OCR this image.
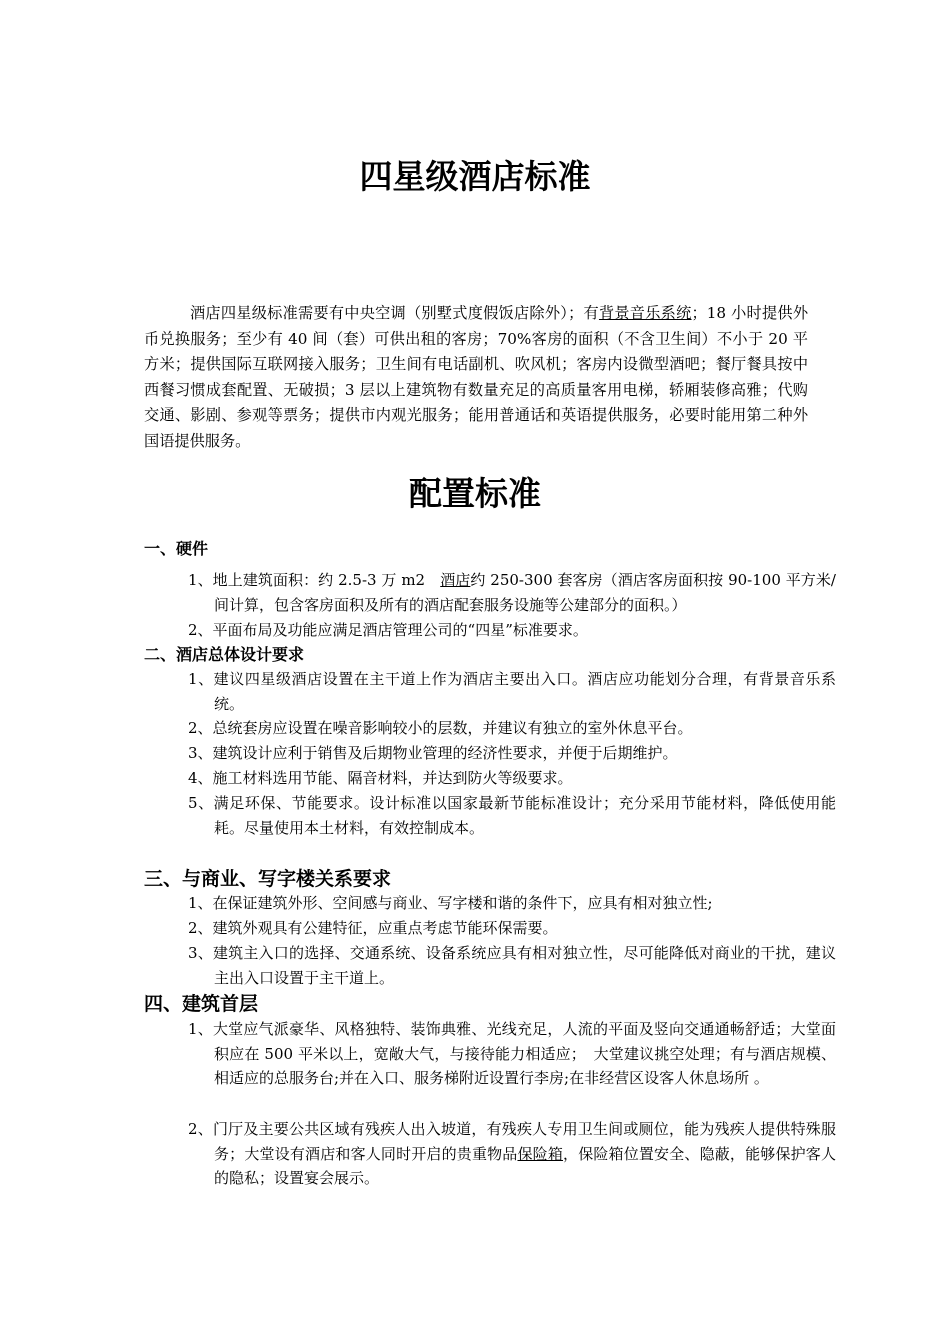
四星级酒店标准

酒店四星级标准需要有中央空调（别墅式度假饭店除外）；有背景音乐系统；18 小时提供外币兑换服务；至少有 40 间（套）可供出租的客房；70%客房的面积（不含卫生间）不小于 20 平方米；提供国际互联网接入服务；卫生间有电话副机、吹风机；客房内设微型酒吧；餐厅餐具按中西餐习惯成套配置、无破损；3 层以上建筑物有数量充足的高质量客用电梯，轿厢装修高雅；代购交通、影剧、参观等票务；提供市内观光服务；能用普通话和英语提供服务，必要时能用第二种外国语提供服务。

配置标准
一、硬件

1、地上建筑面积：约 2.5-3 万 m2　酒店约 250-300 套客房（酒店客房面积按 90-100 平方米/间计算，包含客房面积及所有的酒店配套服务设施等公建部分的面积。）

2、平面布局及功能应满足酒店管理公司的“四星”标准要求。

二、酒店总体设计要求

1、建议四星级酒店设置在主干道上作为酒店主要出入口。酒店应功能划分合理，有背景音乐系统。

2、总统套房应设置在噪音影响较小的层数，并建议有独立的室外休息平台。

3、建筑设计应利于销售及后期物业管理的经济性要求，并便于后期维护。

4、施工材料选用节能、隔音材料，并达到防火等级要求。

5、满足环保、节能要求。设计标准以国家最新节能标准设计；充分采用节能材料，降低使用能耗。尽量使用本土材料，有效控制成本。

三、与商业、写字楼关系要求

1、在保证建筑外形、空间感与商业、写字楼和谐的条件下，应具有相对独立性;

2、建筑外观具有公建特征，应重点考虑节能环保需要。

3、建筑主入口的选择、交通系统、设备系统应具有相对独立性，尽可能降低对商业的干扰，建议主出入口设置于主干道上。

四、建筑首层

1、大堂应气派豪华、风格独特、装饰典雅、光线充足，人流的平面及竖向交通通畅舒适；大堂面积应在 500 平米以上，宽敞大气，与接待能力相适应；　大堂建议挑空处理；有与酒店规模、相适应的总服务台;并在入口、服务梯附近设置行李房;在非经营区设客人休息场所 。

2、门厅及主要公共区域有残疾人出入坡道，有残疾人专用卫生间或厕位，能为残疾人提供特殊服务；大堂设有酒店和客人同时开启的贵重物品保险箱，保险箱位置安全、隐蔽，能够保护客人的隐私；设置宴会展示。
